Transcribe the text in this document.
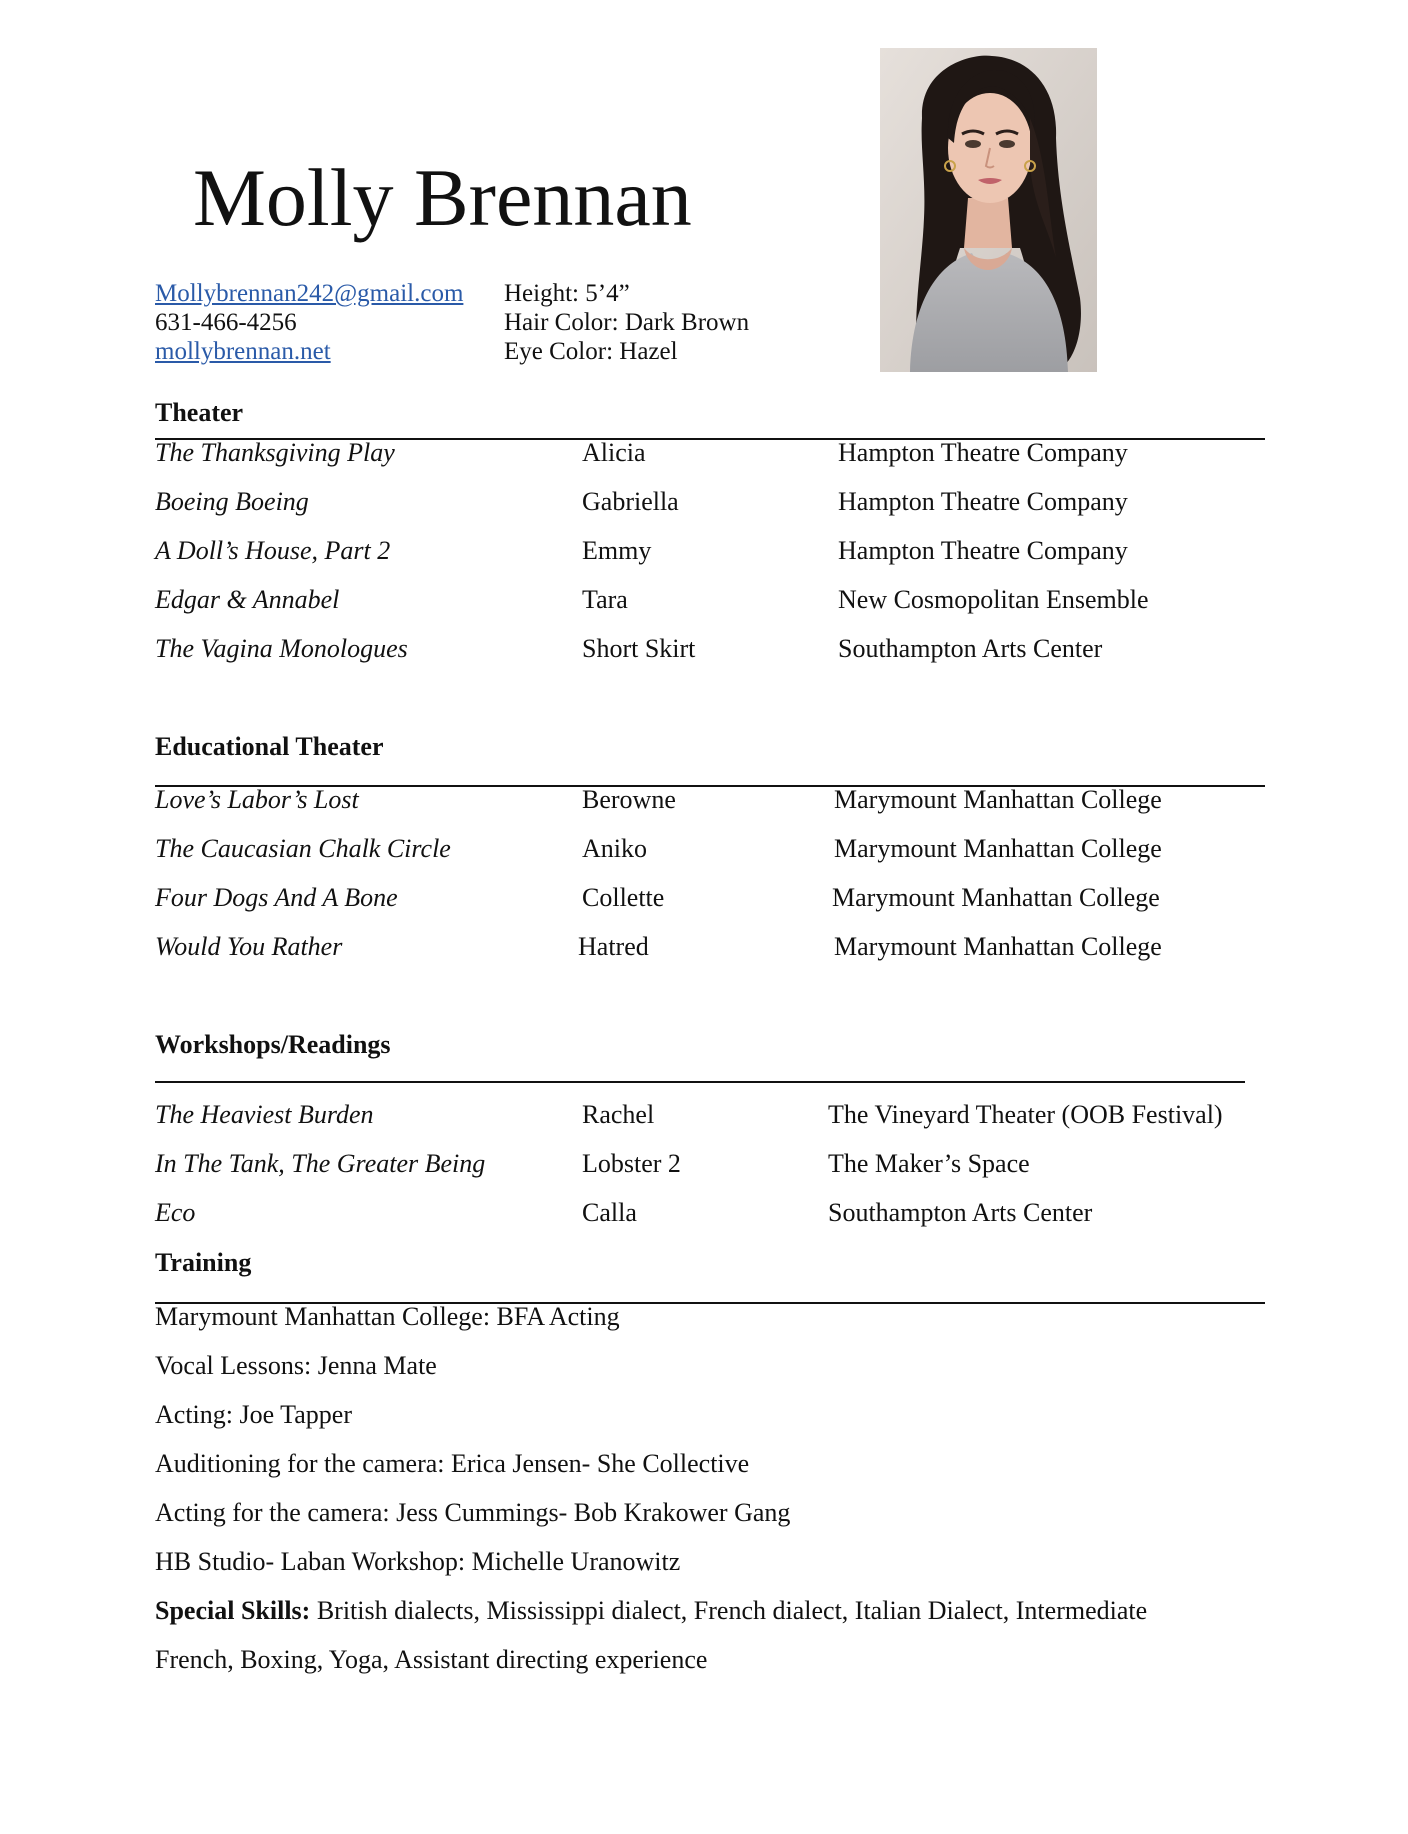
Molly Brennan
Mollybrennan242@gmail.com
631-466-4256
mollybrennan.net
Height: 5’4”
Hair Color: Dark Brown
Eye Color: Hazel
Theater
The Thanksgiving Play	Alicia	Hampton Theatre Company
Boeing Boeing	Gabriella	Hampton Theatre Company
A Doll’s House, Part 2	Emmy	Hampton Theatre Company
Edgar & Annabel	Tara	New Cosmopolitan Ensemble
The Vagina Monologues	Short Skirt	Southampton Arts Center
Educational Theater
Love’s Labor’s Lost	Berowne	Marymount Manhattan College
The Caucasian Chalk Circle	Aniko	Marymount Manhattan College
Four Dogs And A Bone	Collette	Marymount Manhattan College
Would You Rather	Hatred	Marymount Manhattan College
Workshops/Readings
The Heaviest Burden	Rachel	The Vineyard Theater (OOB Festival)
In The Tank, The Greater Being	Lobster 2	The Maker’s Space
Eco	Calla	Southampton Arts Center
Training
Marymount Manhattan College: BFA Acting
Vocal Lessons: Jenna Mate
Acting: Joe Tapper
Auditioning for the camera: Erica Jensen- She Collective
Acting for the camera: Jess Cummings- Bob Krakower Gang
HB Studio- Laban Workshop: Michelle Uranowitz
Special Skills: British dialects, Mississippi dialect, French dialect, Italian Dialect, Intermediate
French, Boxing, Yoga, Assistant directing experience
